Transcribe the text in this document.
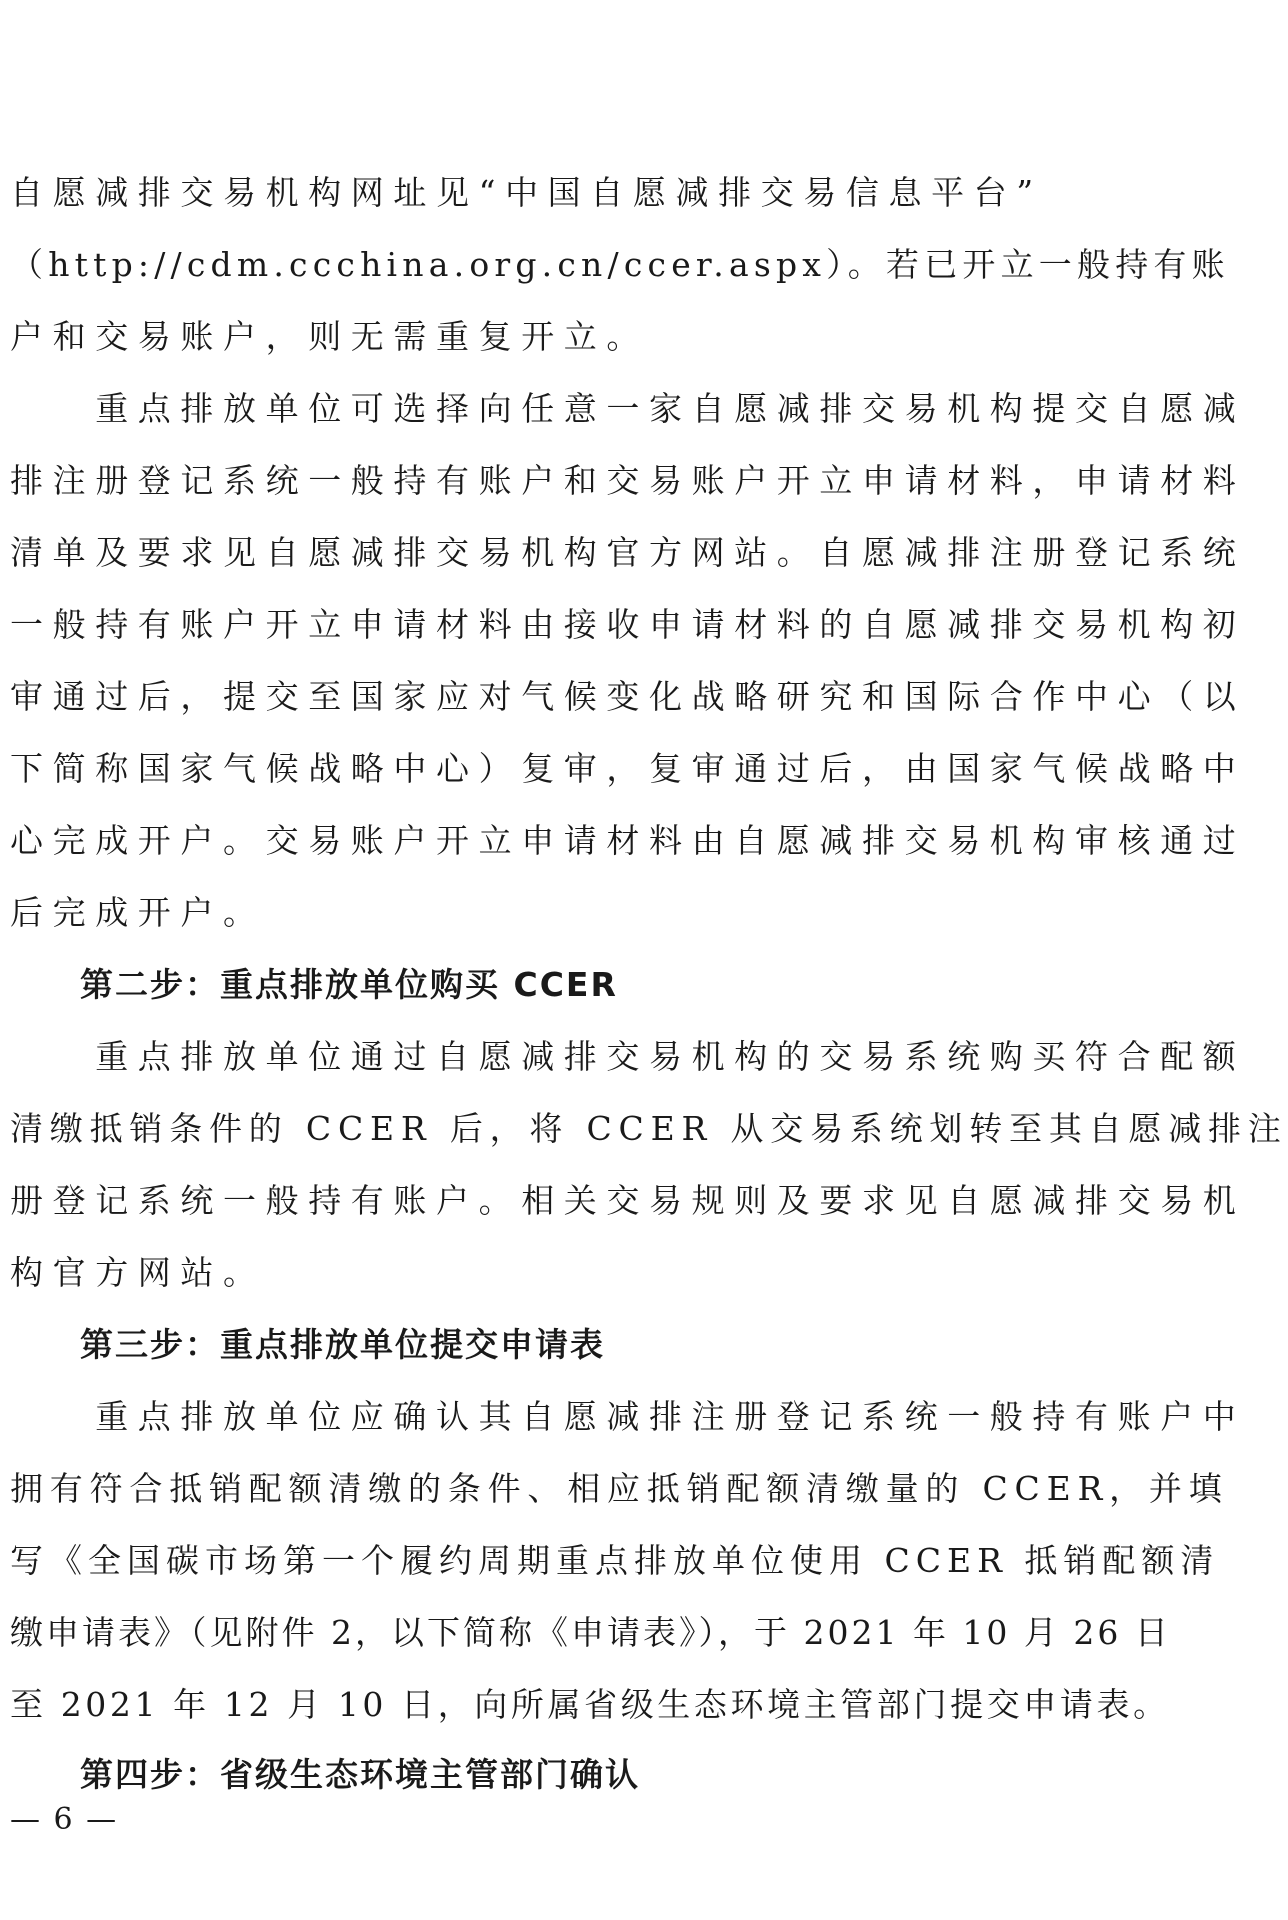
自愿减排交易机构网址见“中国自愿减排交易信息平台”
（http://cdm.ccchina.org.cn/ccer.aspx）。若已开立一般持有账
户和交易账户，则无需重复开立。
　　重点排放单位可选择向任意一家自愿减排交易机构提交自愿减
排注册登记系统一般持有账户和交易账户开立申请材料，申请材料
清单及要求见自愿减排交易机构官方网站。自愿减排注册登记系统
一般持有账户开立申请材料由接收申请材料的自愿减排交易机构初
审通过后，提交至国家应对气候变化战略研究和国际合作中心（以
下简称国家气候战略中心）复审，复审通过后，由国家气候战略中
心完成开户。交易账户开立申请材料由自愿减排交易机构审核通过
后完成开户。
　　第二步：重点排放单位购买 CCER
　　重点排放单位通过自愿减排交易机构的交易系统购买符合配额
清缴抵销条件的 CCER 后，将 CCER 从交易系统划转至其自愿减排注
册登记系统一般持有账户。相关交易规则及要求见自愿减排交易机
构官方网站。
　　第三步：重点排放单位提交申请表
　　重点排放单位应确认其自愿减排注册登记系统一般持有账户中
拥有符合抵销配额清缴的条件、相应抵销配额清缴量的 CCER，并填
写《全国碳市场第一个履约周期重点排放单位使用 CCER 抵销配额清
缴申请表》（见附件 2，以下简称《申请表》），于 2021 年 10 月 26 日
至 2021 年 12 月 10 日，向所属省级生态环境主管部门提交申请表。
　　第四步：省级生态环境主管部门确认
— 6 —
